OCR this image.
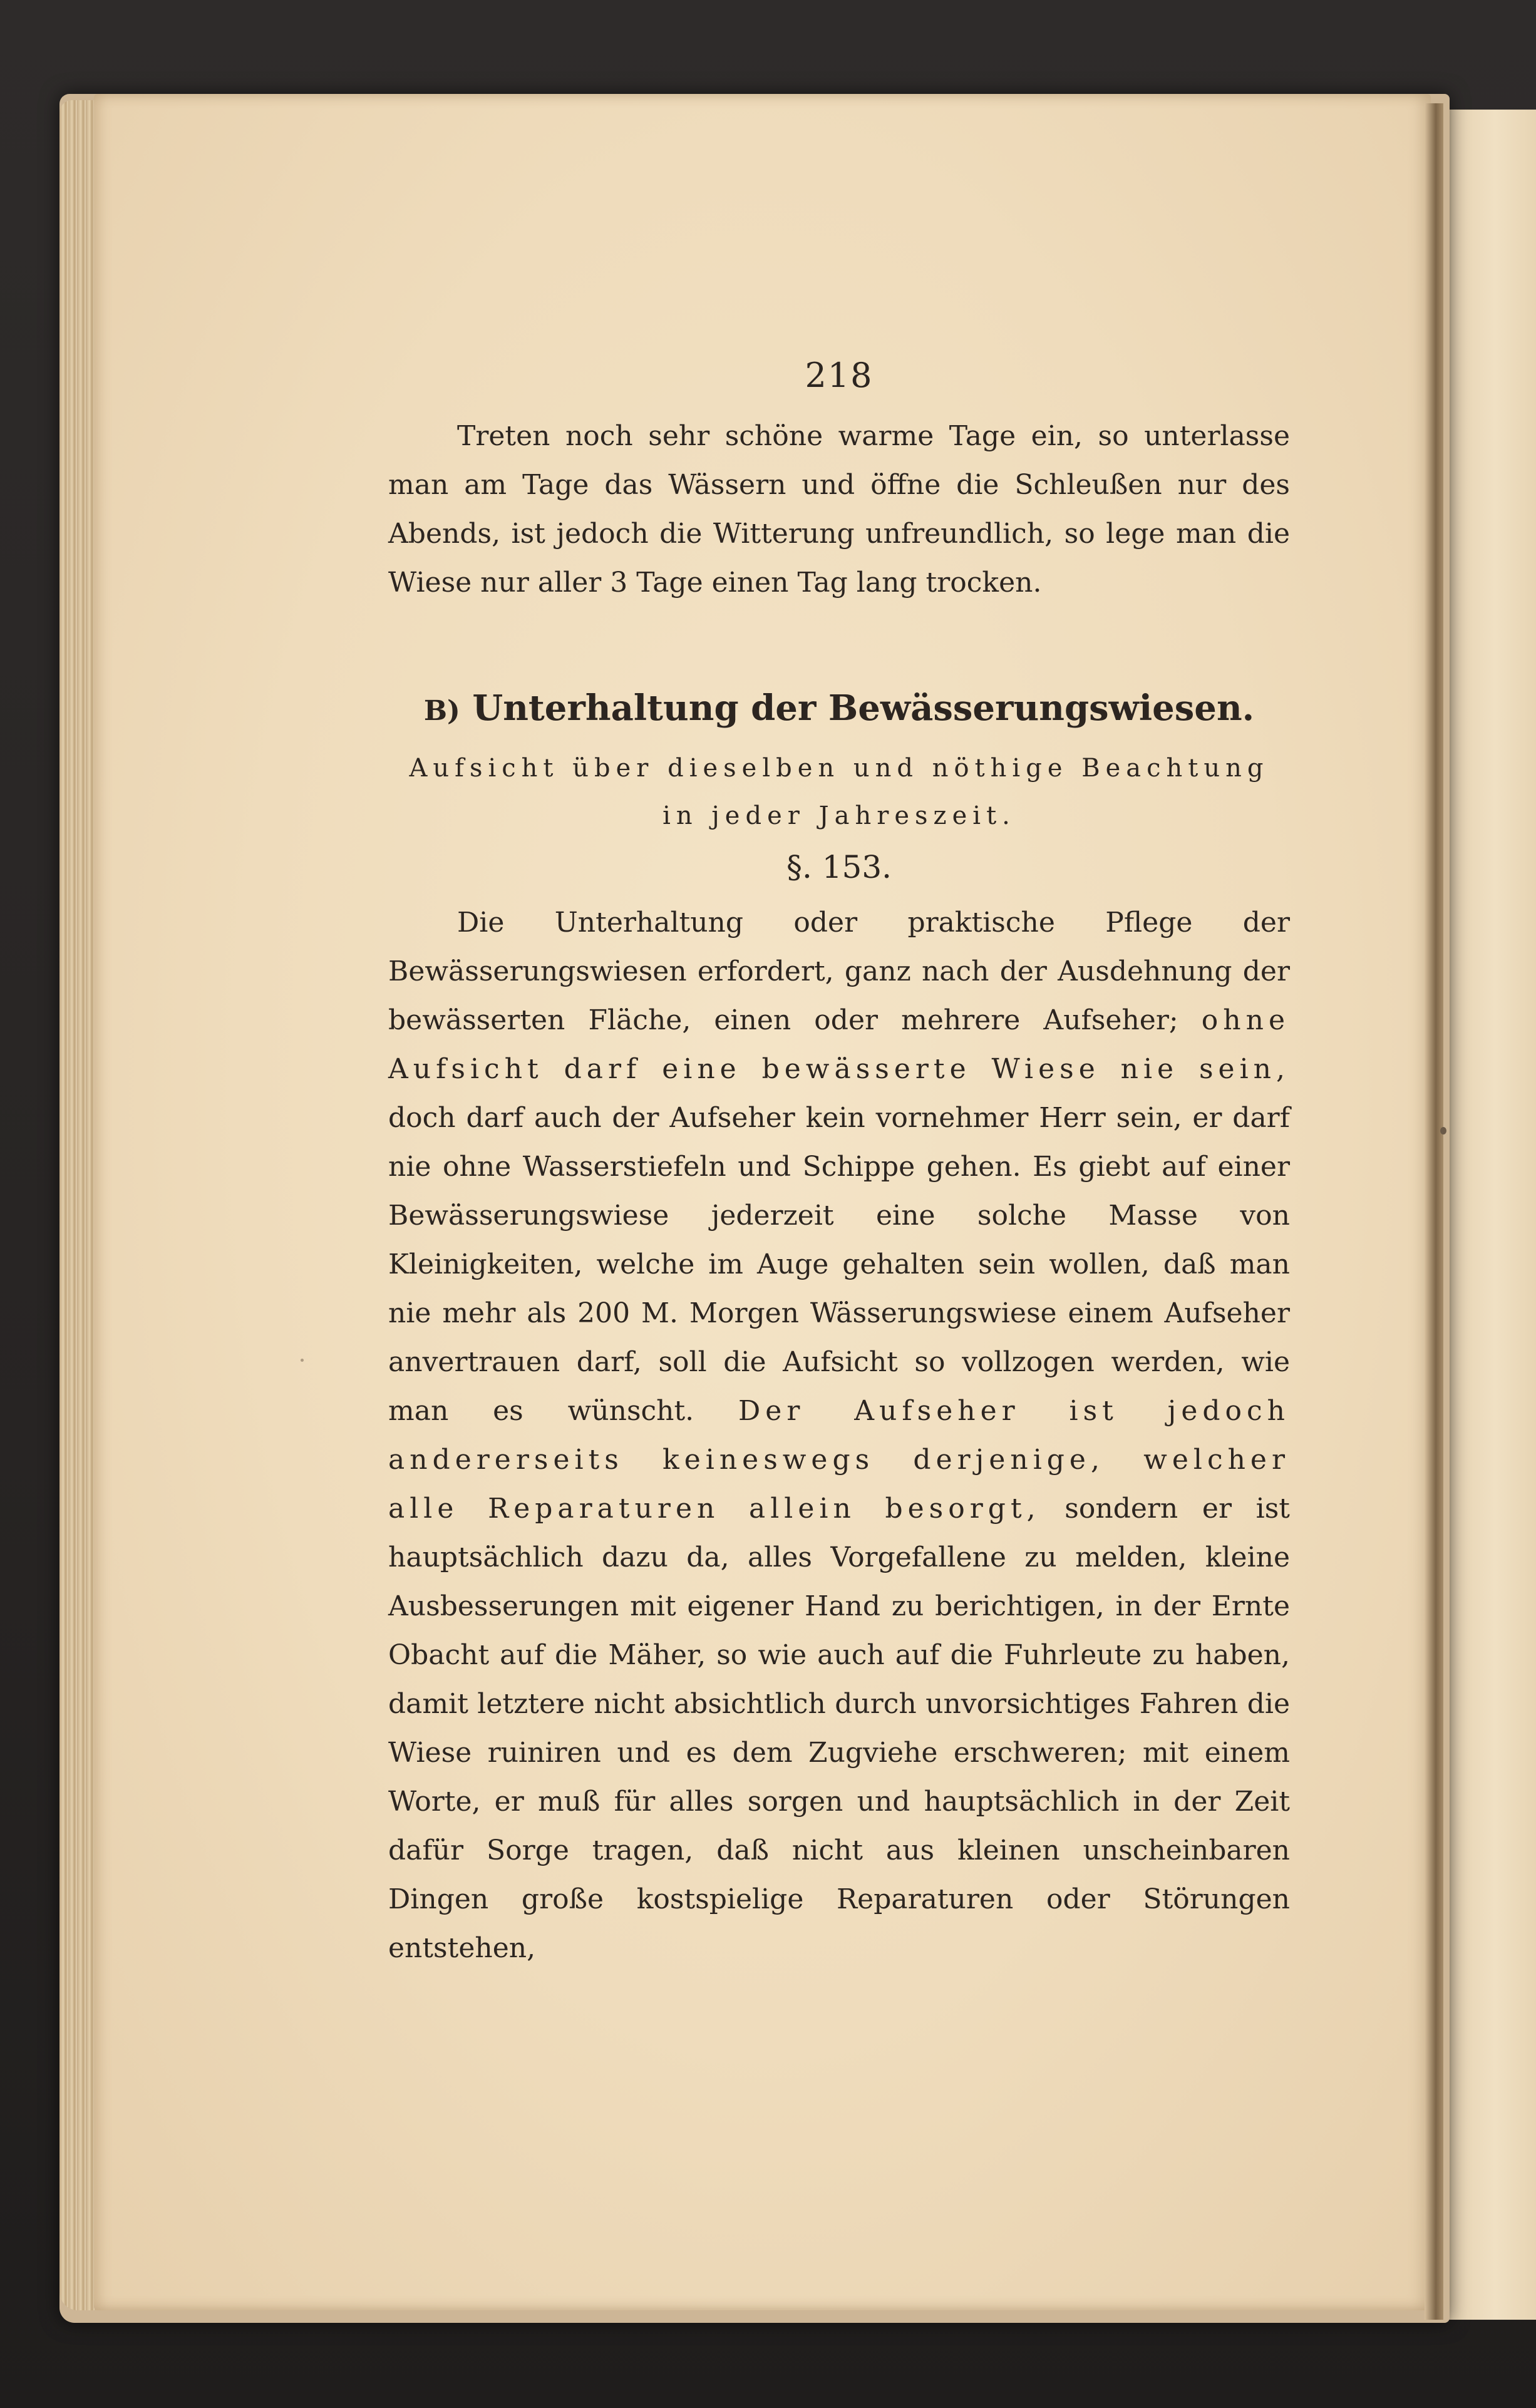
218

Treten noch sehr schöne warme Tage ein, so unterlasse man am Tage das Wässern und öffne die Schleußen nur des Abends, ist jedoch die Witterung unfreundlich, so lege man die Wiese nur aller 3 Tage einen Tag lang trocken.

B) Unterhaltung der Bewässerungswiesen.
Aufsicht über dieselben und nöthige Beachtung in jeder Jahreszeit.
§. 153.

Die Unterhaltung oder praktische Pflege der Bewässerungswiesen erfordert, ganz nach der Ausdehnung der bewässerten Fläche, einen oder mehrere Aufseher; ohne Aufsicht darf eine bewässerte Wiese nie sein, doch darf auch der Aufseher kein vornehmer Herr sein, er darf nie ohne Wasserstiefeln und Schippe gehen. Es giebt auf einer Bewässerungswiese jederzeit eine solche Masse von Kleinigkeiten, welche im Auge gehalten sein wollen, daß man nie mehr als 200 M. Morgen Wässerungswiese einem Aufseher anvertrauen darf, soll die Aufsicht so vollzogen werden, wie man es wünscht. Der Aufseher ist jedoch andererseits keineswegs derjenige, welcher alle Reparaturen allein besorgt, sondern er ist hauptsächlich dazu da, alles Vorgefallene zu melden, kleine Ausbesserungen mit eigener Hand zu berichtigen, in der Ernte Obacht auf die Mäher, so wie auch auf die Fuhrleute zu haben, damit letztere nicht absichtlich durch unvorsichtiges Fahren die Wiese ruiniren und es dem Zugviehe erschweren; mit einem Worte, er muß für alles sorgen und hauptsächlich in der Zeit dafür Sorge tragen, daß nicht aus kleinen unscheinbaren Dingen große kostspielige Reparaturen oder Störungen entstehen,
